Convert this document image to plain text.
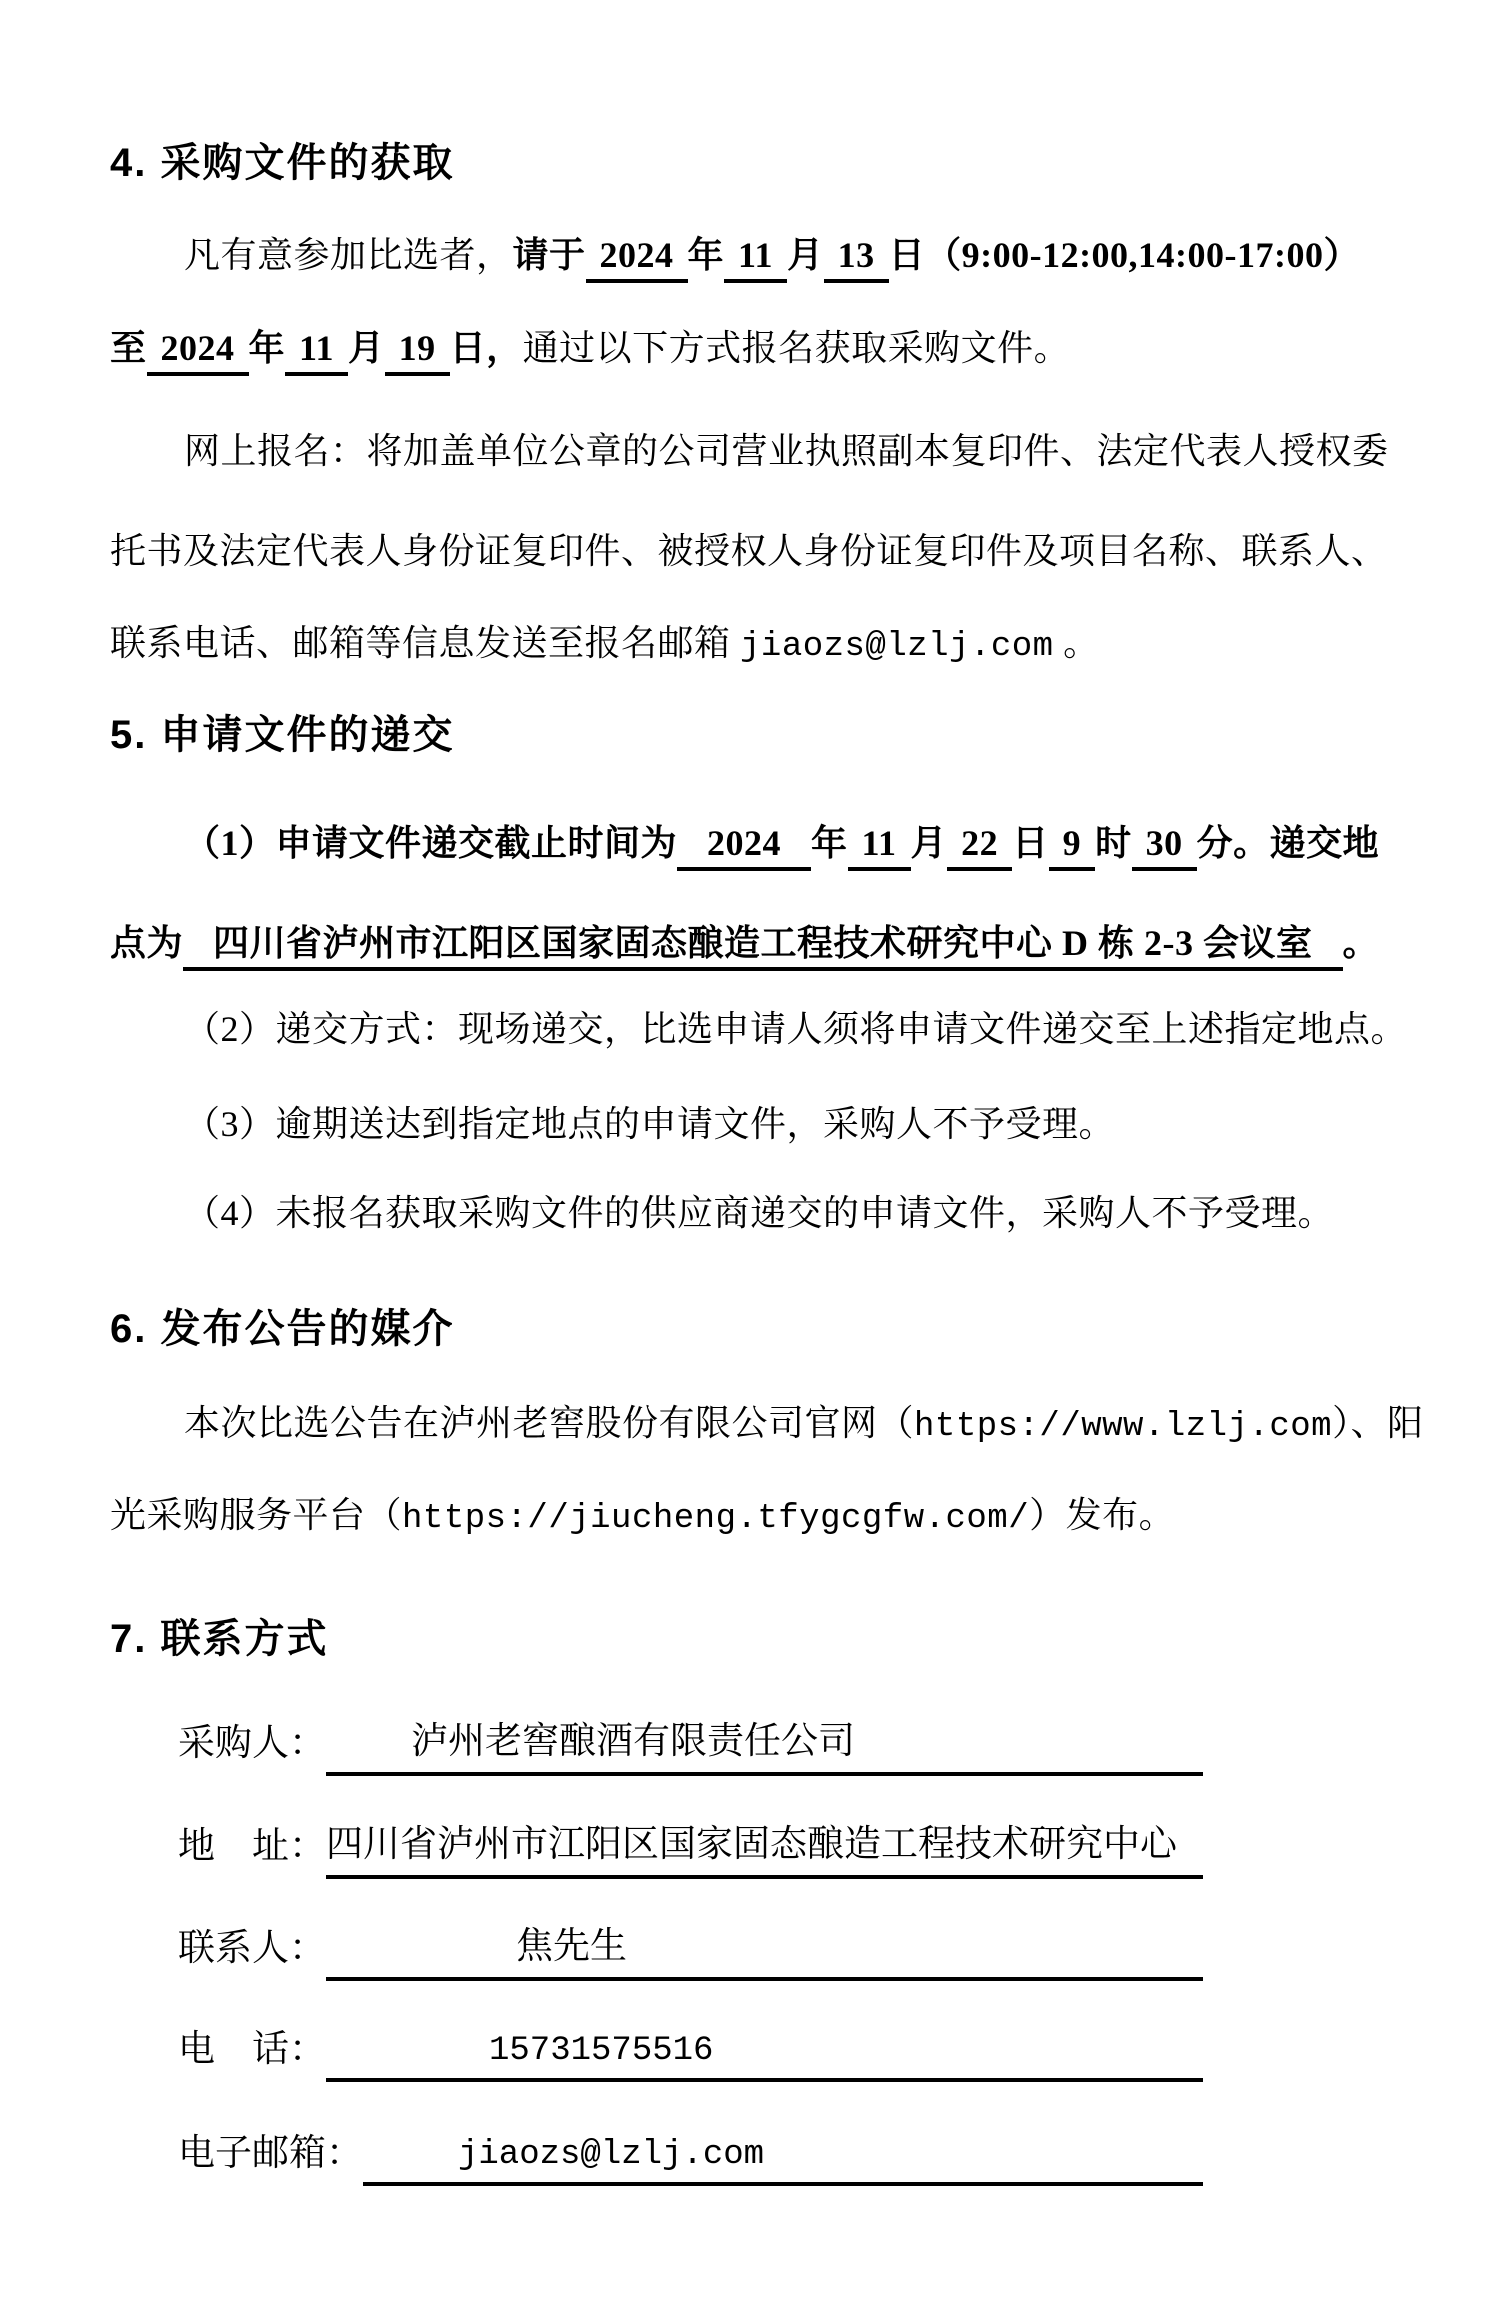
4. 采购文件的获取
凡有意参加比选者，请于 2024 年 11 月 13 日（9:00-12:00,14:00-17:00）
至 2024 年 11 月 19 日，通过以下方式报名获取采购文件。
网上报名：将加盖单位公章的公司营业执照副本复印件、法定代表人授权委
托书及法定代表人身份证复印件、被授权人身份证复印件及项目名称、联系人、
联系电话、邮箱等信息发送至报名邮箱 jiaozs@lzlj.com 。
5. 申请文件的递交
（1）申请文件递交截止时间为 2024 年 11 月 22 日 9 时 30 分。递交地
点为 四川省泸州市江阳区国家固态酿造工程技术研究中心 D 栋 2-3 会议室 。
（2）递交方式：现场递交，比选申请人须将申请文件递交至上述指定地点。
（3）逾期送达到指定地点的申请文件，采购人不予受理。
（4）未报名获取采购文件的供应商递交的申请文件，采购人不予受理。
6. 发布公告的媒介
本次比选公告在泸州老窖股份有限公司官网（https://www.lzlj.com）、阳
光采购服务平台（https://jiucheng.tfygcgfw.com/）发布。
7. 联系方式
采购人：	泸州老窖酿酒有限责任公司
地　址： 四川省泸州市江阳区国家固态酿造工程技术研究中心
联系人：	焦先生
电　话：	15731575516
电子邮箱：	jiaozs@lzlj.com
